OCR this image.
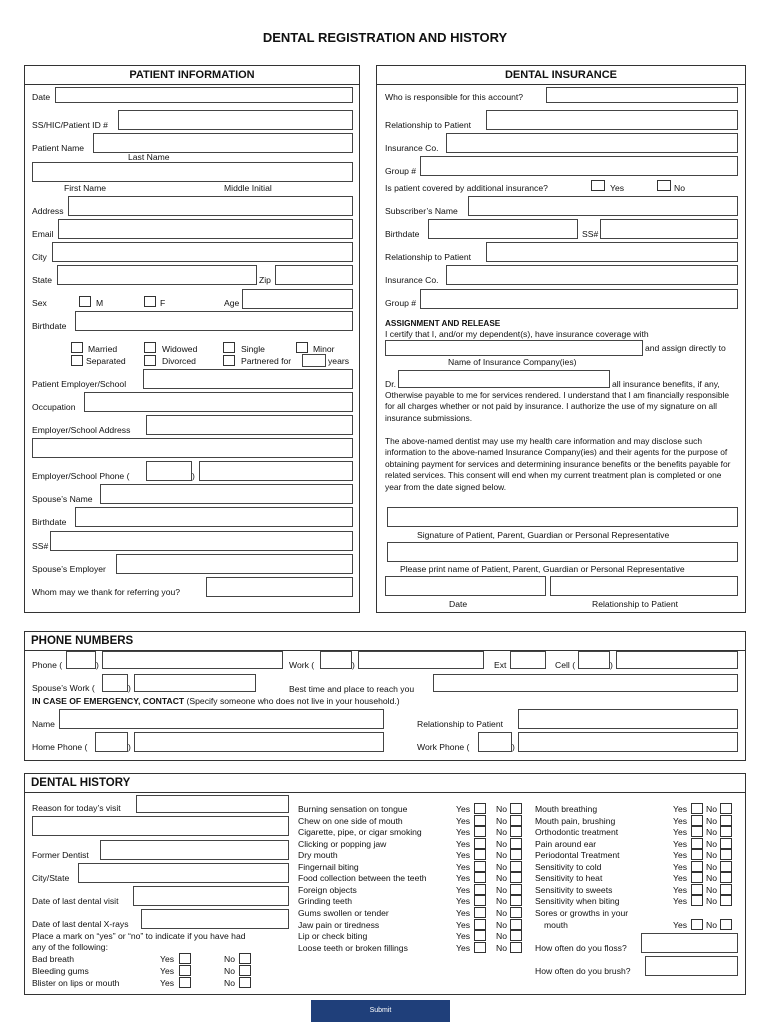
DENTAL REGISTRATION AND HISTORY
PATIENT INFORMATION
Date
SS/HIC/Patient ID #
Patient Name
Last Name
First Name	Middle Initial
Address
Email
City
State	Zip
Sex	M	F	Age
Birthdate
Married	Widowed	Single	Minor
Separated	Divorced	Partnered for	years
Patient Employer/School
Occupation
Employer/School Address
Employer/School Phone (	)
Spouse’s Name
Birthdate
SS#
Spouse’s Employer
Whom may we thank for referring you?
DENTAL INSURANCE
Who is responsible for this account?
Relationship to Patient
Insurance Co.
Group #
Is patient covered by additional insurance?	Yes	No
Subscriber’s Name
Birthdate	SS#
Relationship to Patient
Insurance Co.
Group #
ASSIGNMENT AND RELEASE
I certify that I, and/or my dependent(s), have insurance coverage with
and assign directly to
Name of Insurance Company(ies)
Dr.	all insurance benefits, if any,
Otherwise payable to me for services rendered. I understand that I am financially responsible for all charges whether or not paid by insurance. I authorize the use of my signature on all insurance submissions.
The above-named dentist may use my health care information and may disclose such information to the above-named Insurance Company(ies) and their agents for the purpose of obtaining payment for services and determining insurance benefits or the benefits payable for related services. This consent will end when my current treatment plan is completed or one year from the date signed below.
Signature of Patient, Parent, Guardian or Personal Representative
Please print name of Patient, Parent, Guardian or Personal Representative
Date	Relationship to Patient
PHONE NUMBERS
Phone (	)	Work (	)	Ext	Cell (	)
Spouse’s Work (	)	Best time and place to reach you
IN CASE OF EMERGENCY, CONTACT (Specify someone who does not live in your household.)
Name	Relationship to Patient
Home Phone (	)	Work Phone (	)
DENTAL HISTORY
Reason for today’s visit
Former Dentist
City/State
Date of last dental visit
Date of last dental X-rays
Place a mark on “yes” or “no” to indicate if you have had
any of the following:
Bad breath	Yes	No
Bleeding gums	Yes	No
Blister on lips or mouth	Yes	No
Burning sensation on tongue	Yes	No
Chew on one side of mouth	Yes	No
Cigarette, pipe, or cigar smoking	Yes	No
Clicking or popping jaw	Yes	No
Dry mouth	Yes	No
Fingernail biting	Yes	No
Food collection between the teeth	Yes	No
Foreign objects	Yes	No
Grinding teeth	Yes	No
Gums swollen or tender	Yes	No
Jaw pain or tiredness	Yes	No
Lip or check biting	Yes	No
Loose teeth or broken fillings	Yes	No
Mouth breathing	Yes No
Mouth pain, brushing	Yes No
Orthodontic treatment	Yes No
Pain around ear	Yes No
Periodontal Treatment	Yes No
Sensitivity to cold	Yes No
Sensitivity to heat	Yes No
Sensitivity to sweets	Yes No
Sensitivity when biting	Yes No
Sores or growths in your
mouth	Yes No
How often do you floss?
How often do you brush?
Submit
